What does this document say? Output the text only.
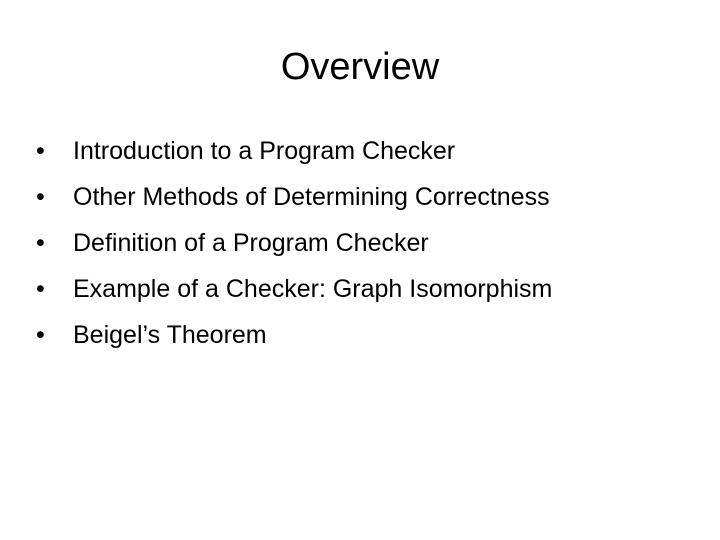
Overview
•	Introduction to a Program Checker
•	Other Methods of Determining Correctness
•	Definition of a Program Checker
•	Example of a Checker: Graph Isomorphism
•	Beigel’s Theorem
